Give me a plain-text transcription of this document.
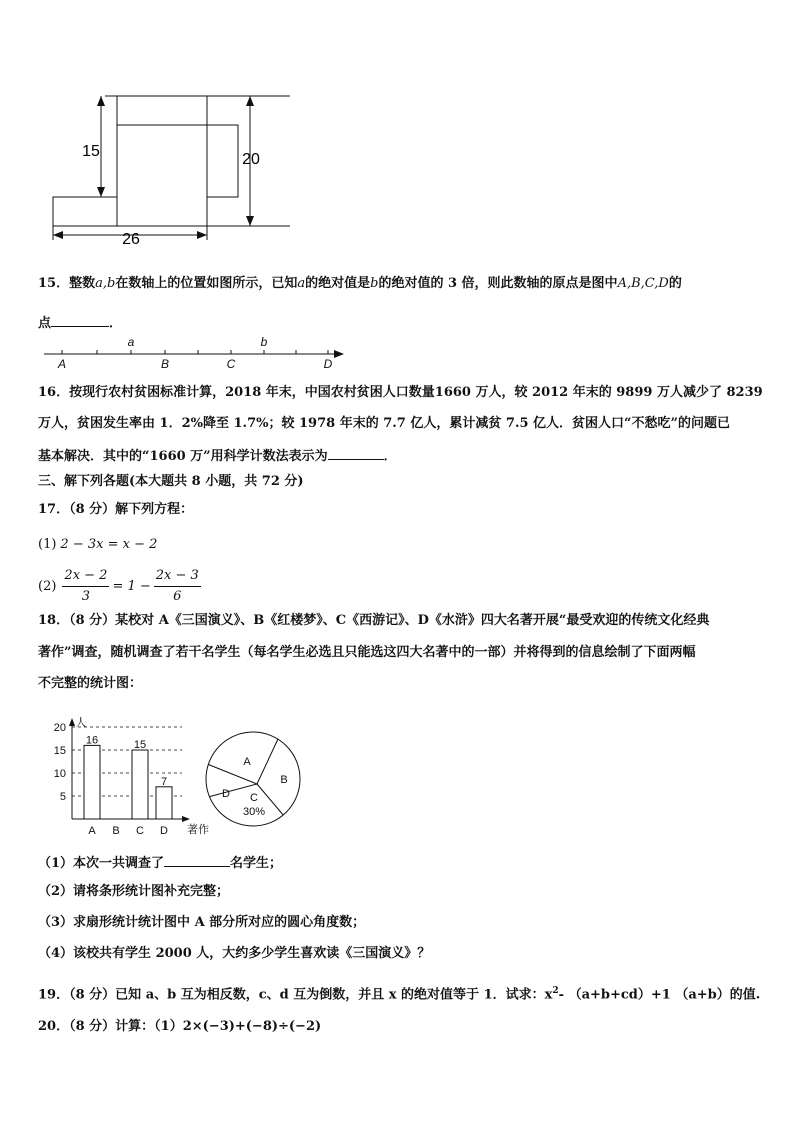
15	20
26
15．整数a,b在数轴上的位置如图所示，已知a的绝对值是b的绝对值的 3 倍，则此数轴的原点是图中A,B,C,D的
点	．
a	b
A	B	C	D
16．按现行农村贫困标准计算，2018 年末，中国农村贫困人口数量1660 万人，较 2012 年末的 9899 万人减少了 8239
万人，贫困发生率由 1．2%降至 1.7%；较 1978 年末的 7.7 亿人，累计减贫 7.5 亿人．贫困人口“不愁吃”的问题已
基本解决．其中的“1660 万”用科学计数法表示为	．
三、解下列各题(本大题共 8 小题，共 72 分)
17．（8 分）解下列方程：
(1) 2 − 3x = x − 2
$(2) \frac{2x - 2}{3} = 1 - \frac{2x - 3}{6}$
18．（8 分）某校对 A《三国演义》、B《红楼梦》、C《西游记》、D《水浒》四大名著开展“最受欢迎的传统文化经典
著作”调查，随机调查了若干名学生（每名学生必选且只能选这四大名著中的一部）并将得到的信息绘制了下面两幅
不完整的统计图：
人
著作
5
10
15
20
A
16
B C
15
D
7
A
B
C
30%
D
（1）本次一共调查了	名学生；
（2）请将条形统计图补充完整；
（3）求扇形统计统计图中 A 部分所对应的圆心角度数；
（4）该校共有学生 2000 人，大约多少学生喜欢读《三国演义》？
19．（8 分）已知 a、b 互为相反数，c、d 互为倒数，并且 x 的绝对值等于 1．试求：$x^2-$ （a+b+cd）+1 （a+b）的值.
20．（8 分）计算：（1）2×(−3)+(−8)÷(−2)
